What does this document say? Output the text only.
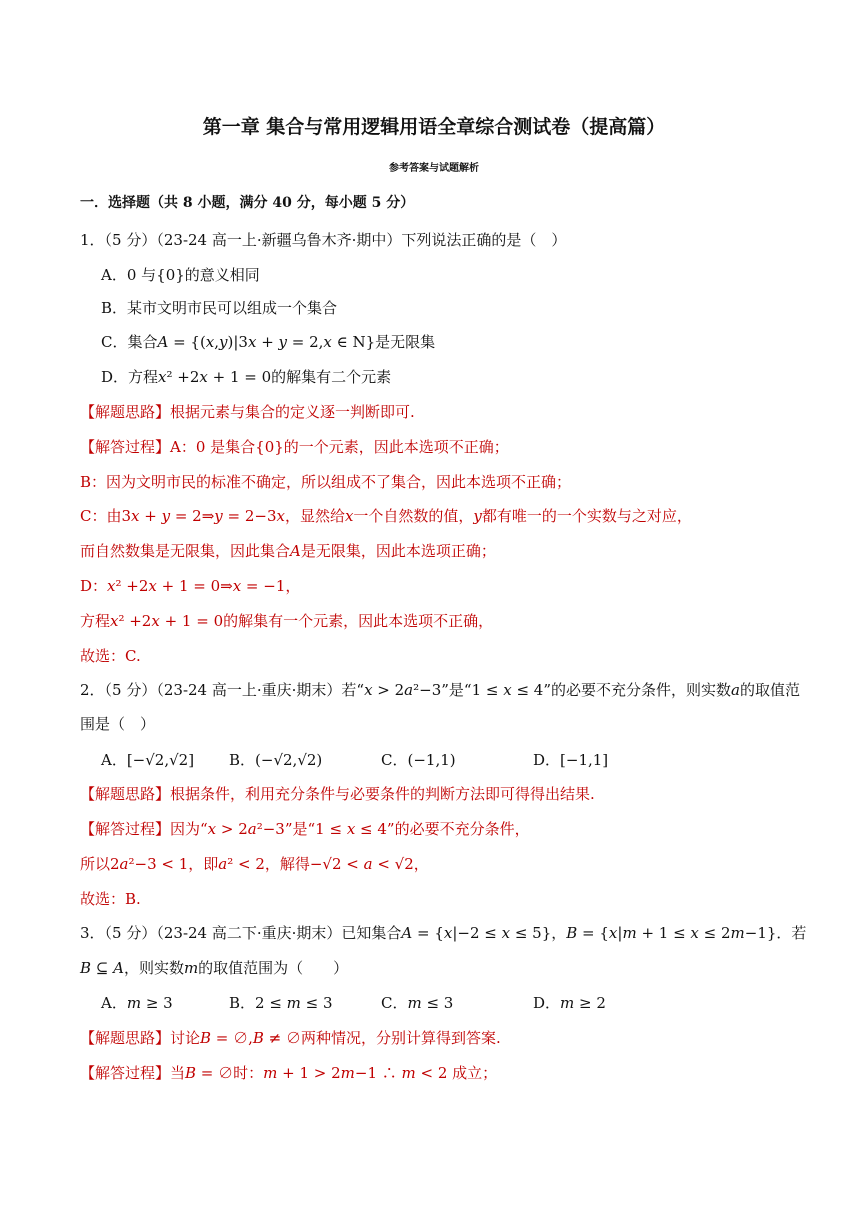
第一章 集合与常用逻辑用语全章综合测试卷（提高篇）
参考答案与试题解析
一．选择题（共 8 小题，满分 40 分，每小题 5 分）
1．（5 分）（23-24 高一上·新疆乌鲁木齐·期中）下列说法正确的是（　）
A．0 与{0}的意义相同
B．某市文明市民可以组成一个集合
C．集合𝐴 = {(𝑥,𝑦)|3𝑥 + 𝑦 = 2,𝑥 ∈ N}是无限集
D．方程𝑥² +2𝑥 + 1 = 0的解集有二个元素
【解题思路】根据元素与集合的定义逐一判断即可.
【解答过程】A：0 是集合{0}的一个元素，因此本选项不正确；
B：因为文明市民的标准不确定，所以组成不了集合，因此本选项不正确；
C：由3𝑥 + 𝑦 = 2⇒𝑦 = 2−3𝑥，显然给𝑥一个自然数的值，𝑦都有唯一的一个实数与之对应，
而自然数集是无限集，因此集合𝐴是无限集，因此本选项正确；
D：𝑥² +2𝑥 + 1 = 0⇒𝑥 = −1，
方程𝑥² +2𝑥 + 1 = 0的解集有一个元素，因此本选项不正确，
故选：C.
2．（5 分）（23-24 高一上·重庆·期末）若“𝑥 > 2𝑎²−3”是“1 ≤ 𝑥 ≤ 4”的必要不充分条件，则实数𝑎的取值范
围是（　）
A．[−√2,√2] B．(−√2,√2)	C．(−1,1)	D．[−1,1]
【解题思路】根据条件，利用充分条件与必要条件的判断方法即可得得出结果.
【解答过程】因为“𝑥 > 2𝑎²−3”是“1 ≤ 𝑥 ≤ 4”的必要不充分条件，
所以2𝑎²−3 < 1，即𝑎² < 2，解得−√2 < 𝑎 < √2，
故选：B.
3．（5 分）（23-24 高二下·重庆·期末）已知集合𝐴 = {𝑥|−2 ≤ 𝑥 ≤ 5}，𝐵 = {𝑥|𝑚 + 1 ≤ 𝑥 ≤ 2𝑚−1}．若
𝐵 ⊆ 𝐴，则实数𝑚的取值范围为（　　）
A．𝑚 ≥ 3	B．2 ≤ 𝑚 ≤ 3	C．𝑚 ≤ 3	D．𝑚 ≥ 2
【解题思路】讨论𝐵 = ∅,𝐵 ≠ ∅两种情况，分别计算得到答案.
【解答过程】当𝐵 = ∅时：𝑚 + 1 > 2𝑚−1 ∴ 𝑚 < 2 成立；
